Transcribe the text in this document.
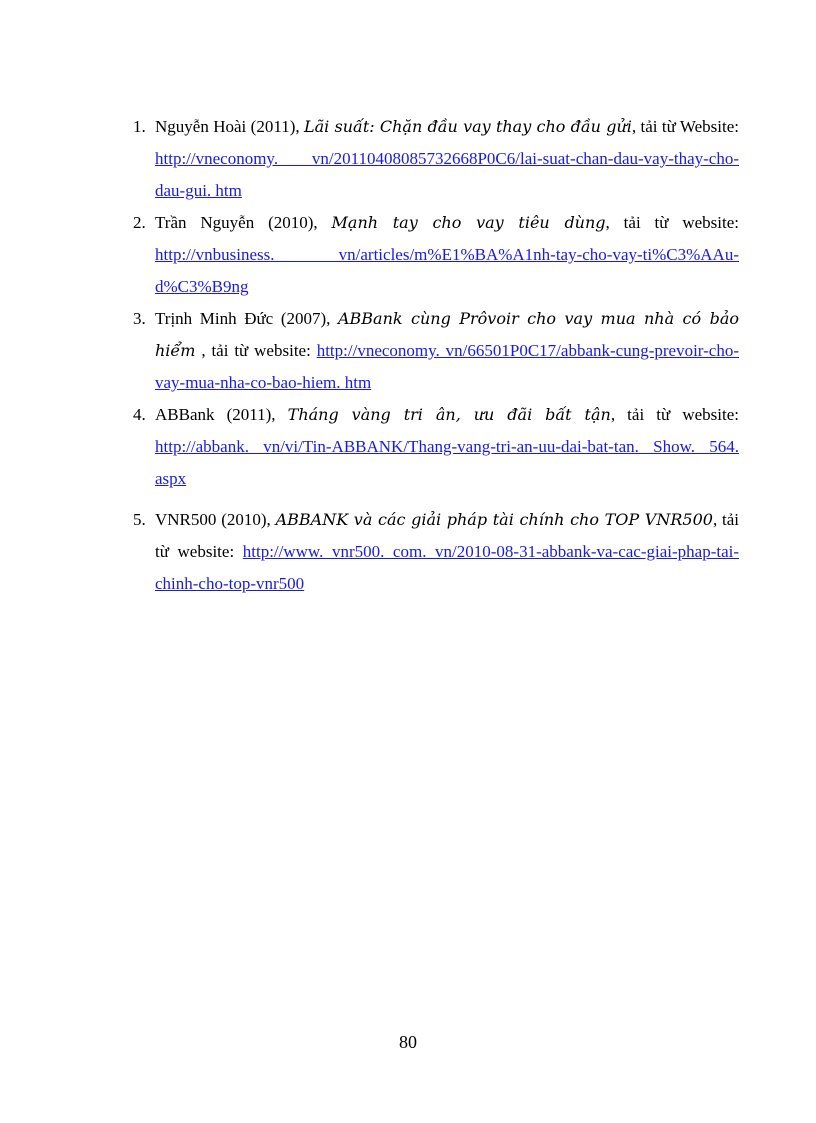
1. Nguyễn Hoài (2011), Lãi suất: Chặn đầu vay thay cho đầu gửi, tải từ Website: http://vneconomy. vn/20110408085732668P0C6/lai-suat-chan-dau-vay-thay-cho-dau-gui. htm
2. Trần Nguyễn (2010), Mạnh tay cho vay tiêu dùng, tải từ website: http://vnbusiness. vn/articles/m%E1%BA%A1nh-tay-cho-vay-ti%C3%AAu-d%C3%B9ng
3. Trịnh Minh Đức (2007), ABBank cùng Prôvoir cho vay mua nhà có bảo hiểm , tải từ website: http://vneconomy. vn/66501P0C17/abbank-cung-prevoir-cho-vay-mua-nha-co-bao-hiem. htm
4. ABBank (2011), Tháng vàng tri ân, ưu đãi bất tận, tải từ website: http://abbank. vn/vi/Tin-ABBANK/Thang-vang-tri-an-uu-dai-bat-tan. Show. 564. aspx
5. VNR500 (2010), ABBANK và các giải pháp tài chính cho TOP VNR500, tải từ website: http://www. vnr500. com. vn/2010-08-31-abbank-va-cac-giai-phap-tai-chinh-cho-top-vnr500
80
